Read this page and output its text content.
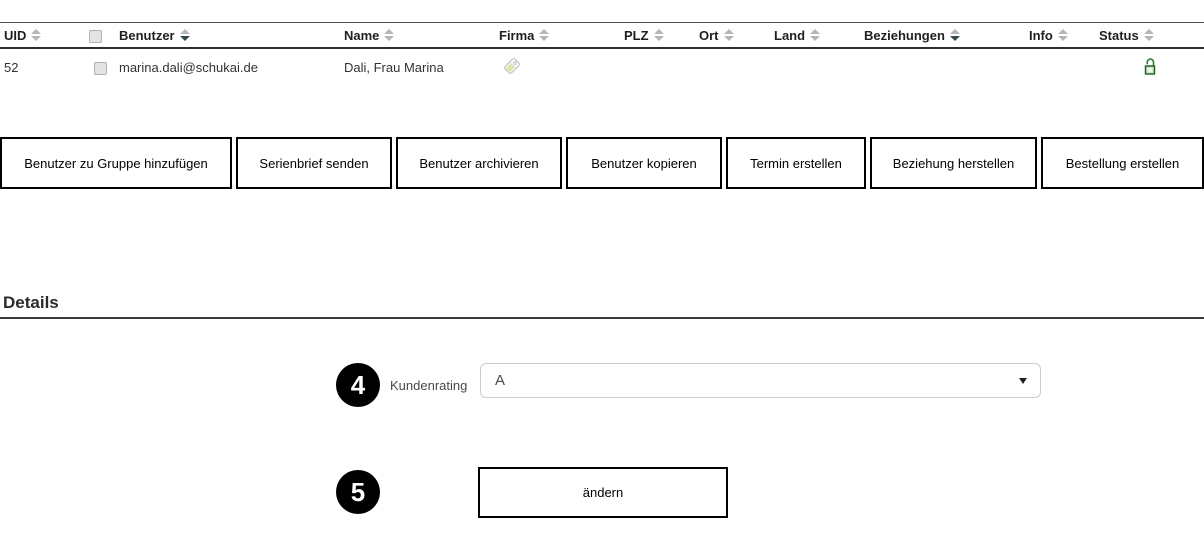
UID		Benutzer	Name	Firma	PLZ	Ort	Land	Beziehungen	Info	Status

52		marina.dali@schukai.de	Dali, Frau Marina							
Benutzer zu Gruppe hinzufügen	Serienbrief senden	Benutzer archivieren	Benutzer kopieren	Termin erstellen	Beziehung herstellen	Bestellung erstellen
Details
4	Kundenrating A
5	ändern
